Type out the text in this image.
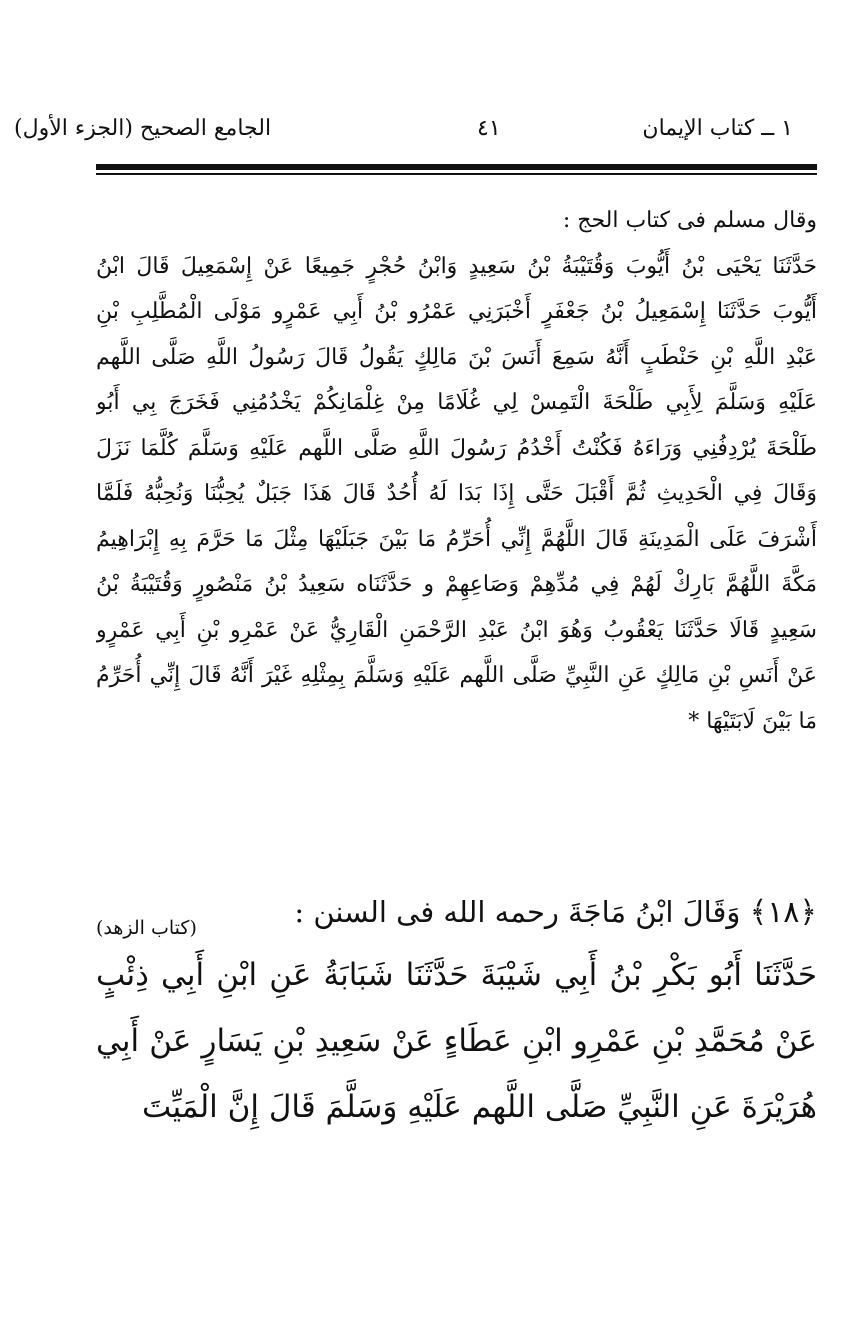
١ ــ كتاب الإيمان
٤١
الجامع الصحيح (الجزء الأول)
وقال مسلم فى كتاب الحج :
حَدَّثَنَا يَحْيَى بْنُ أَيُّوبَ وَقُتَيْبَةُ بْنُ سَعِيدٍ وَابْنُ حُجْرٍ جَمِيعًا عَنْ إِسْمَعِيلَ قَالَ ابْنُ
أَيُّوبَ حَدَّثَنَا إِسْمَعِيلُ بْنُ جَعْفَرٍ أَخْبَرَنِي عَمْرُو بْنُ أَبِي عَمْرٍو مَوْلَى الْمُطَّلِبِ بْنِ
عَبْدِ اللَّهِ بْنِ حَنْطَبٍ أَنَّهُ سَمِعَ أَنَسَ بْنَ مَالِكٍ يَقُولُ قَالَ رَسُولُ اللَّهِ صَلَّى اللَّهم
عَلَيْهِ وَسَلَّمَ لِأَبِي طَلْحَةَ الْتَمِسْ لِي غُلَامًا مِنْ غِلْمَانِكُمْ يَخْدُمُنِي فَخَرَجَ بِي أَبُو
طَلْحَةَ يُرْدِفُنِي وَرَاءَهُ فَكُنْتُ أَخْدُمُ رَسُولَ اللَّهِ صَلَّى اللَّهم عَلَيْهِ وَسَلَّمَ كُلَّمَا نَزَلَ
وَقَالَ فِي الْحَدِيثِ ثُمَّ أَقْبَلَ حَتَّى إِذَا بَدَا لَهُ أُحُدٌ قَالَ هَذَا جَبَلٌ يُحِبُّنَا وَنُحِبُّهُ فَلَمَّا
أَشْرَفَ عَلَى الْمَدِينَةِ قَالَ اللَّهُمَّ إِنِّي أُحَرِّمُ مَا بَيْنَ جَبَلَيْهَا مِثْلَ مَا حَرَّمَ بِهِ إِبْرَاهِيمُ
مَكَّةَ اللَّهُمَّ بَارِكْ لَهُمْ فِي مُدِّهِمْ وَصَاعِهِمْ و حَدَّثَنَاه سَعِيدُ بْنُ مَنْصُورٍ وَقُتَيْبَةُ بْنُ
سَعِيدٍ قَالَا حَدَّثَنَا يَعْقُوبُ وَهُوَ ابْنُ عَبْدِ الرَّحْمَنِ الْقَارِيُّ عَنْ عَمْرِو بْنِ أَبِي عَمْرٍو
عَنْ أَنَسِ بْنِ مَالِكٍ عَنِ النَّبِيِّ صَلَّى اللَّهم عَلَيْهِ وَسَلَّمَ بِمِثْلِهِ غَيْرَ أَنَّهُ قَالَ إِنِّي أُحَرِّمُ
مَا بَيْنَ لَابَتَيْهَا *
﴿١٨﴾ وَقَالَ ابْنُ مَاجَةَ رحمه الله فى السنن :
(كتاب الزهد)
حَدَّثَنَا أَبُو بَكْرِ بْنُ أَبِي شَيْبَةَ حَدَّثَنَا شَبَابَةُ عَنِ ابْنِ أَبِي ذِئْبٍ
عَنْ مُحَمَّدِ بْنِ عَمْرِو ابْنِ عَطَاءٍ عَنْ سَعِيدِ بْنِ يَسَارٍ عَنْ أَبِي
هُرَيْرَةَ عَنِ النَّبِيِّ صَلَّى اللَّهم عَلَيْهِ وَسَلَّمَ قَالَ إِنَّ الْمَيِّتَ
